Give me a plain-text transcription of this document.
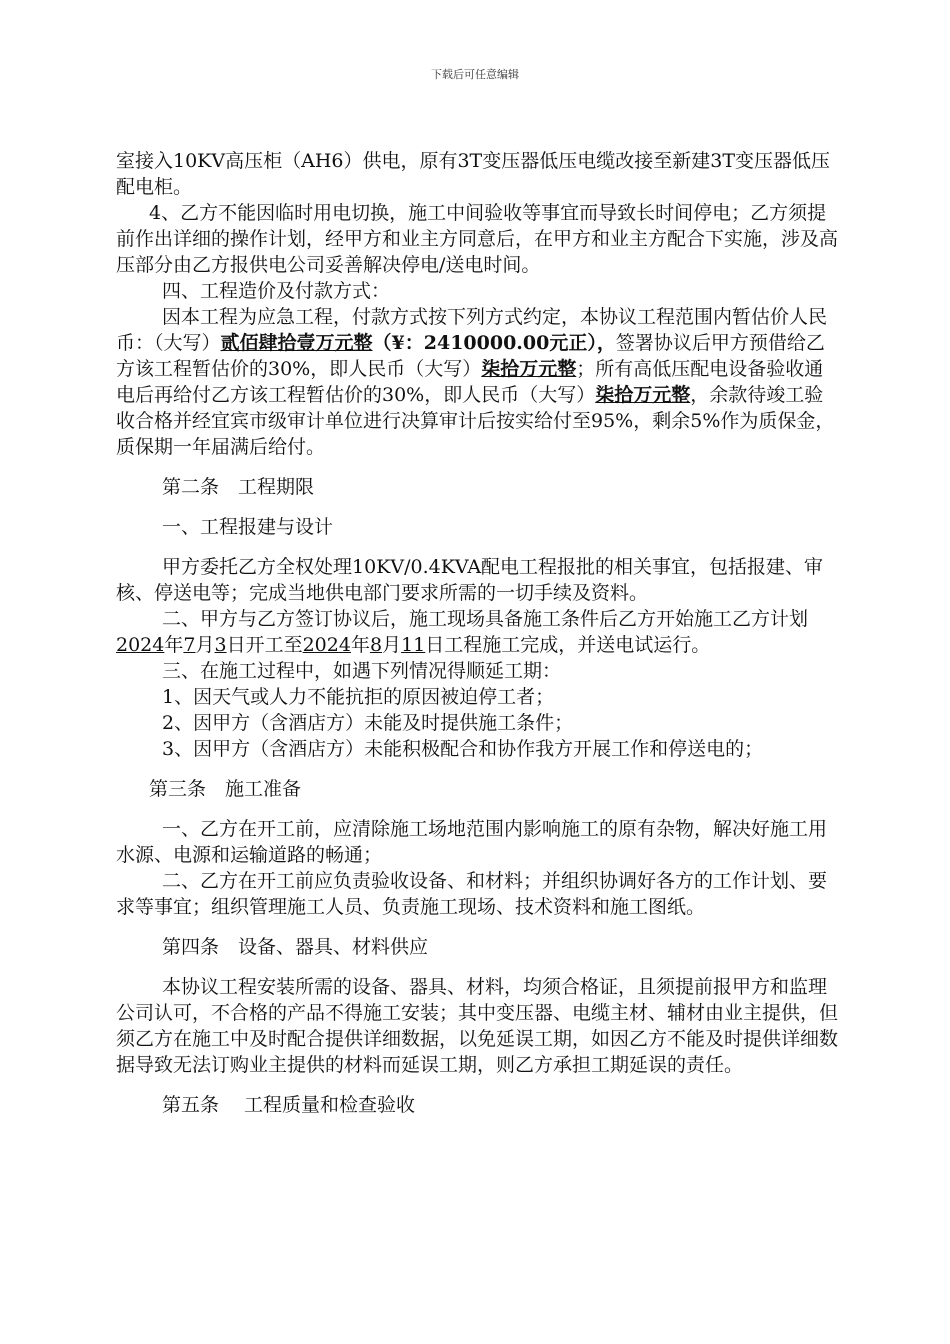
下载后可任意编辑

室接入10KV高压柜（AH6）供电，原有3T变压器低压电缆改接至新建3T变压器低压配电柜。

4、乙方不能因临时用电切换，施工中间验收等事宜而导致长时间停电；乙方须提前作出详细的操作计划，经甲方和业主方同意后，在甲方和业主方配合下实施，涉及高压部分由乙方报供电公司妥善解决停电/送电时间。

四、工程造价及付款方式：

因本工程为应急工程，付款方式按下列方式约定，本协议工程范围内暂估价人民币：（大写）贰佰肆拾壹万元整（¥：2410000.00元正），签署协议后甲方预借给乙方该工程暂估价的30%，即人民币（大写）柒拾万元整；所有高低压配电设备验收通电后再给付乙方该工程暂估价的30%，即人民币（大写）柒拾万元整，余款待竣工验收合格并经宜宾市级审计单位进行决算审计后按实给付至95%，剩余5%作为质保金，质保期一年届满后给付。

第二条　工程期限

一、工程报建与设计

甲方委托乙方全权处理10KV/0.4KVA配电工程报批的相关事宜，包括报建、审核、停送电等；完成当地供电部门要求所需的一切手续及资料。

二、甲方与乙方签订协议后，施工现场具备施工条件后乙方开始施工乙方计划2024年7月3日开工至2024年8月11日工程施工完成，并送电试运行。

三、在施工过程中，如遇下列情况得顺延工期：

1、因天气或人力不能抗拒的原因被迫停工者；

2、因甲方（含酒店方）未能及时提供施工条件；

3、因甲方（含酒店方）未能积极配合和协作我方开展工作和停送电的；

第三条　施工准备

一、乙方在开工前，应清除施工场地范围内影响施工的原有杂物，解决好施工用水源、电源和运输道路的畅通；

二、乙方在开工前应负责验收设备、和材料；并组织协调好各方的工作计划、要求等事宜；组织管理施工人员、负责施工现场、技术资料和施工图纸。

第四条　设备、器具、材料供应

本协议工程安装所需的设备、器具、材料，均须合格证，且须提前报甲方和监理公司认可，不合格的产品不得施工安装；其中变压器、电缆主材、辅材由业主提供，但须乙方在施工中及时配合提供详细数据，以免延误工期，如因乙方不能及时提供详细数据导致无法订购业主提供的材料而延误工期，则乙方承担工期延误的责任。

第五条　 工程质量和检查验收
